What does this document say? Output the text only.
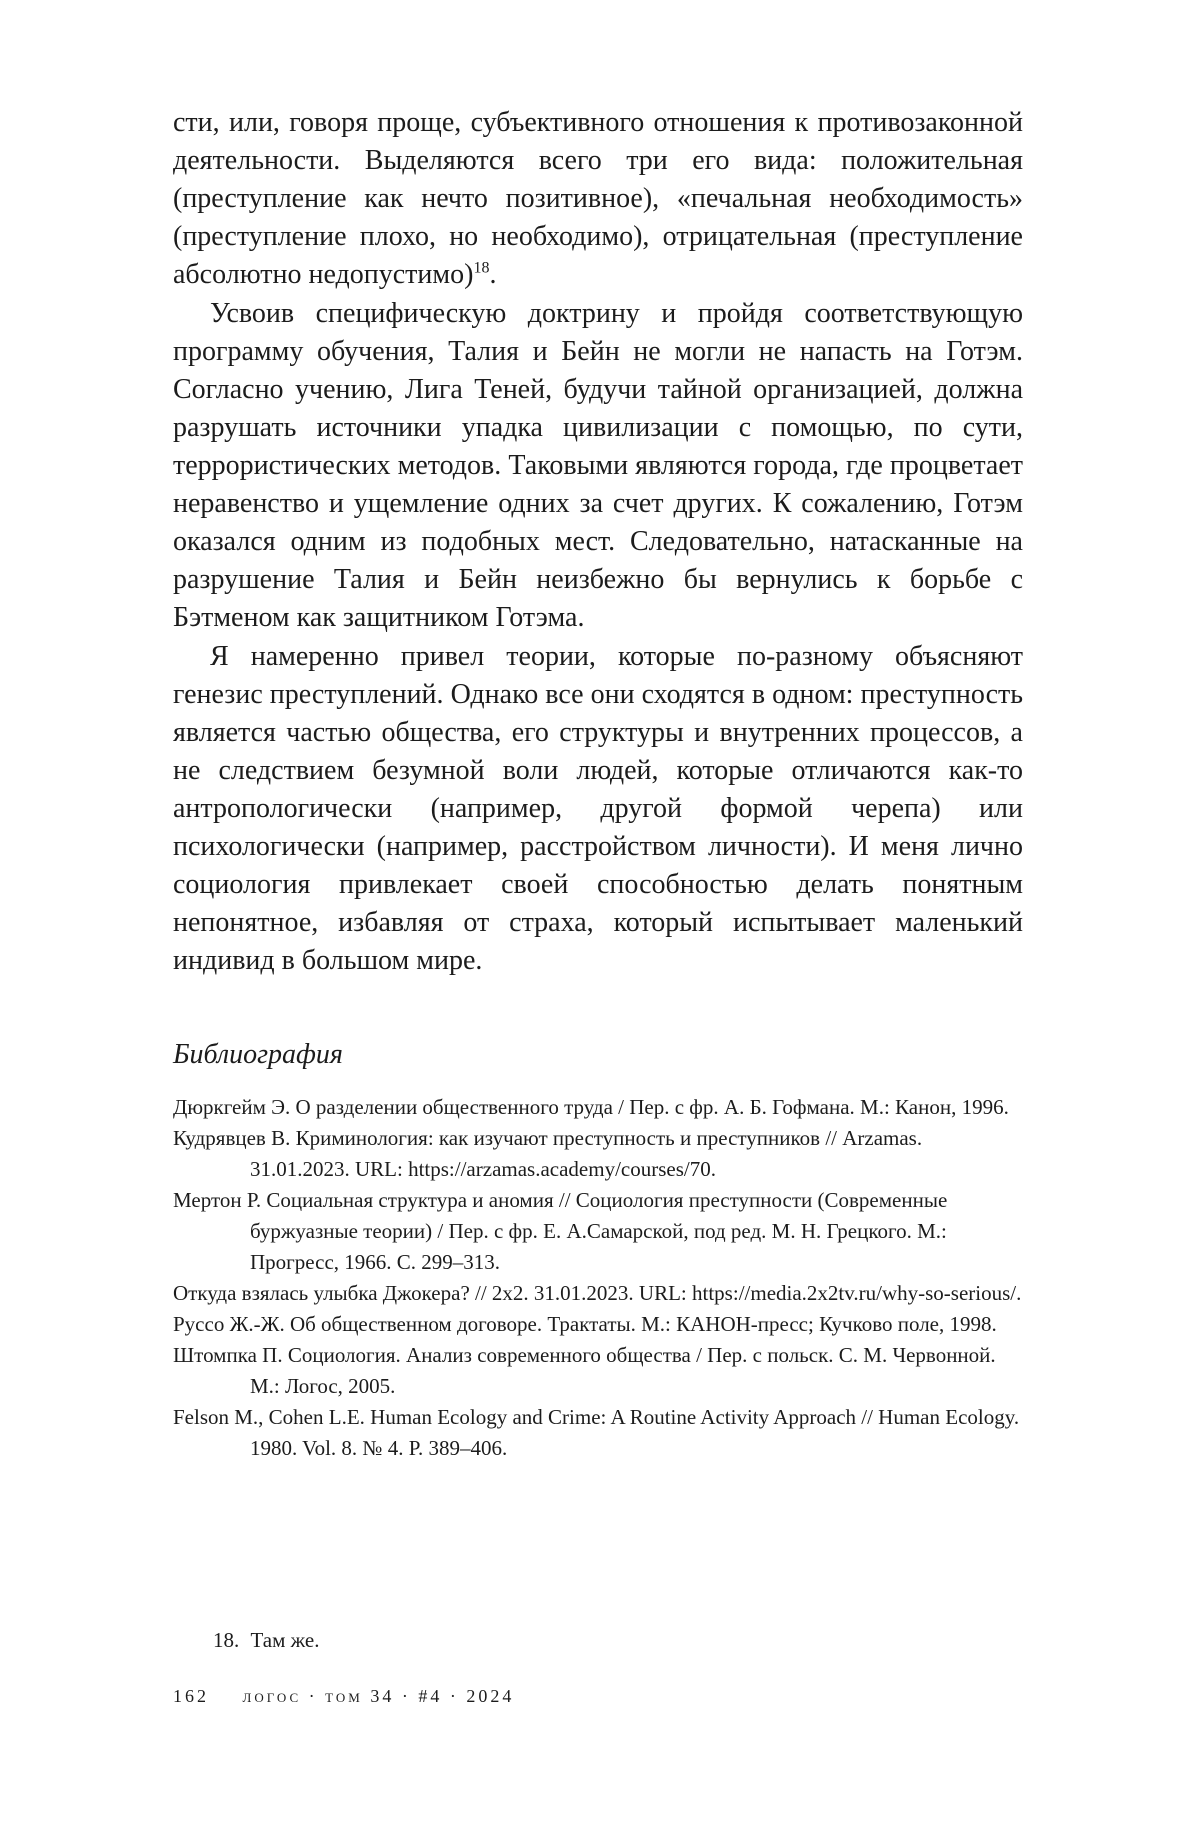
сти, или, говоря проще, субъективного отношения к противозаконной деятельности. Выделяются всего три его вида: положительная (преступление как нечто позитивное), «печальная необходимость» (преступление плохо, но необходимо), отрицательная (преступление абсолютно недопустимо)$^{18}$.

Усвоив специфическую доктрину и пройдя соответствующую программу обучения, Талия и Бейн не могли не напасть на Готэм. Согласно учению, Лига Теней, будучи тайной организацией, должна разрушать источники упадка цивилизации с помощью, по сути, террористических методов. Таковыми являются города, где процветает неравенство и ущемление одних за счет других. К сожалению, Готэм оказался одним из подобных мест. Следовательно, натасканные на разрушение Талия и Бейн неизбежно бы вернулись к борьбе с Бэтменом как защитником Готэма.

Я намеренно привел теории, которые по-разному объясняют генезис преступлений. Однако все они сходятся в одном: преступность является частью общества, его структуры и внутренних процессов, а не следствием безумной воли людей, которые отличаются как-то антропологически (например, другой формой черепа) или психологически (например, расстройством личности). И меня лично социология привлекает своей способностью делать понятным непонятное, избавляя от страха, который испытывает маленький индивид в большом мире.

Библиография
Дюркгейм Э. О разделении общественного труда / Пер. с фр. А. Б. Гофмана. М.: Канон, 1996.
Кудрявцев В. Криминология: как изучают преступность и преступников // Arzamas. 31.01.2023. URL: https://arzamas.academy/courses/70.
Мертон Р. Социальная структура и аномия // Социология преступности (Современные буржуазные теории) / Пер. с фр. Е. А.Самарской, под ред. М. Н. Грецкого. М.: Прогресс, 1966. С. 299–313.
Откуда взялась улыбка Джокера? // 2х2. 31.01.2023. URL: https://media.2x2tv.ru/why-so-serious/.
Руссо Ж.-Ж. Об общественном договоре. Трактаты. М.: КАНОН-пресс; Кучково поле, 1998.
Штомпка П. Социология. Анализ современного общества / Пер. с польск. С. М. Червонной. М.: Логос, 2005.
Felson M., Cohen L.E. Human Ecology and Crime: A Routine Activity Approach // Human Ecology. 1980. Vol. 8. № 4. P. 389–406.
18. Там же.
162 логос · том 34 · #4 · 2024
